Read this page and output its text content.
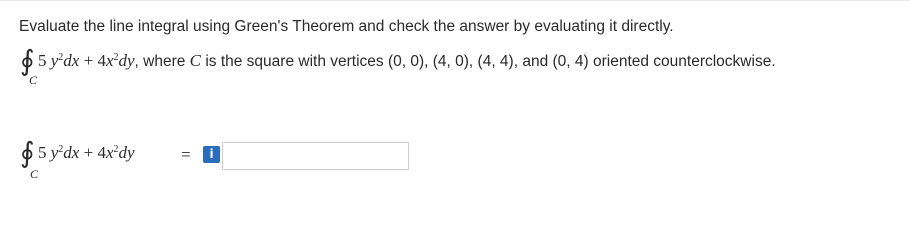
Evaluate the line integral using Green's Theorem and check the answer by evaluating it directly.
∮
C
5 $y^2dx + 4x^2dy$, where C is the square with vertices (0, 0), (4, 0), (4, 4), and (0, 4) oriented counterclockwise.
∮
C
5 $y^2dx + 4x^2dy$	=	i
